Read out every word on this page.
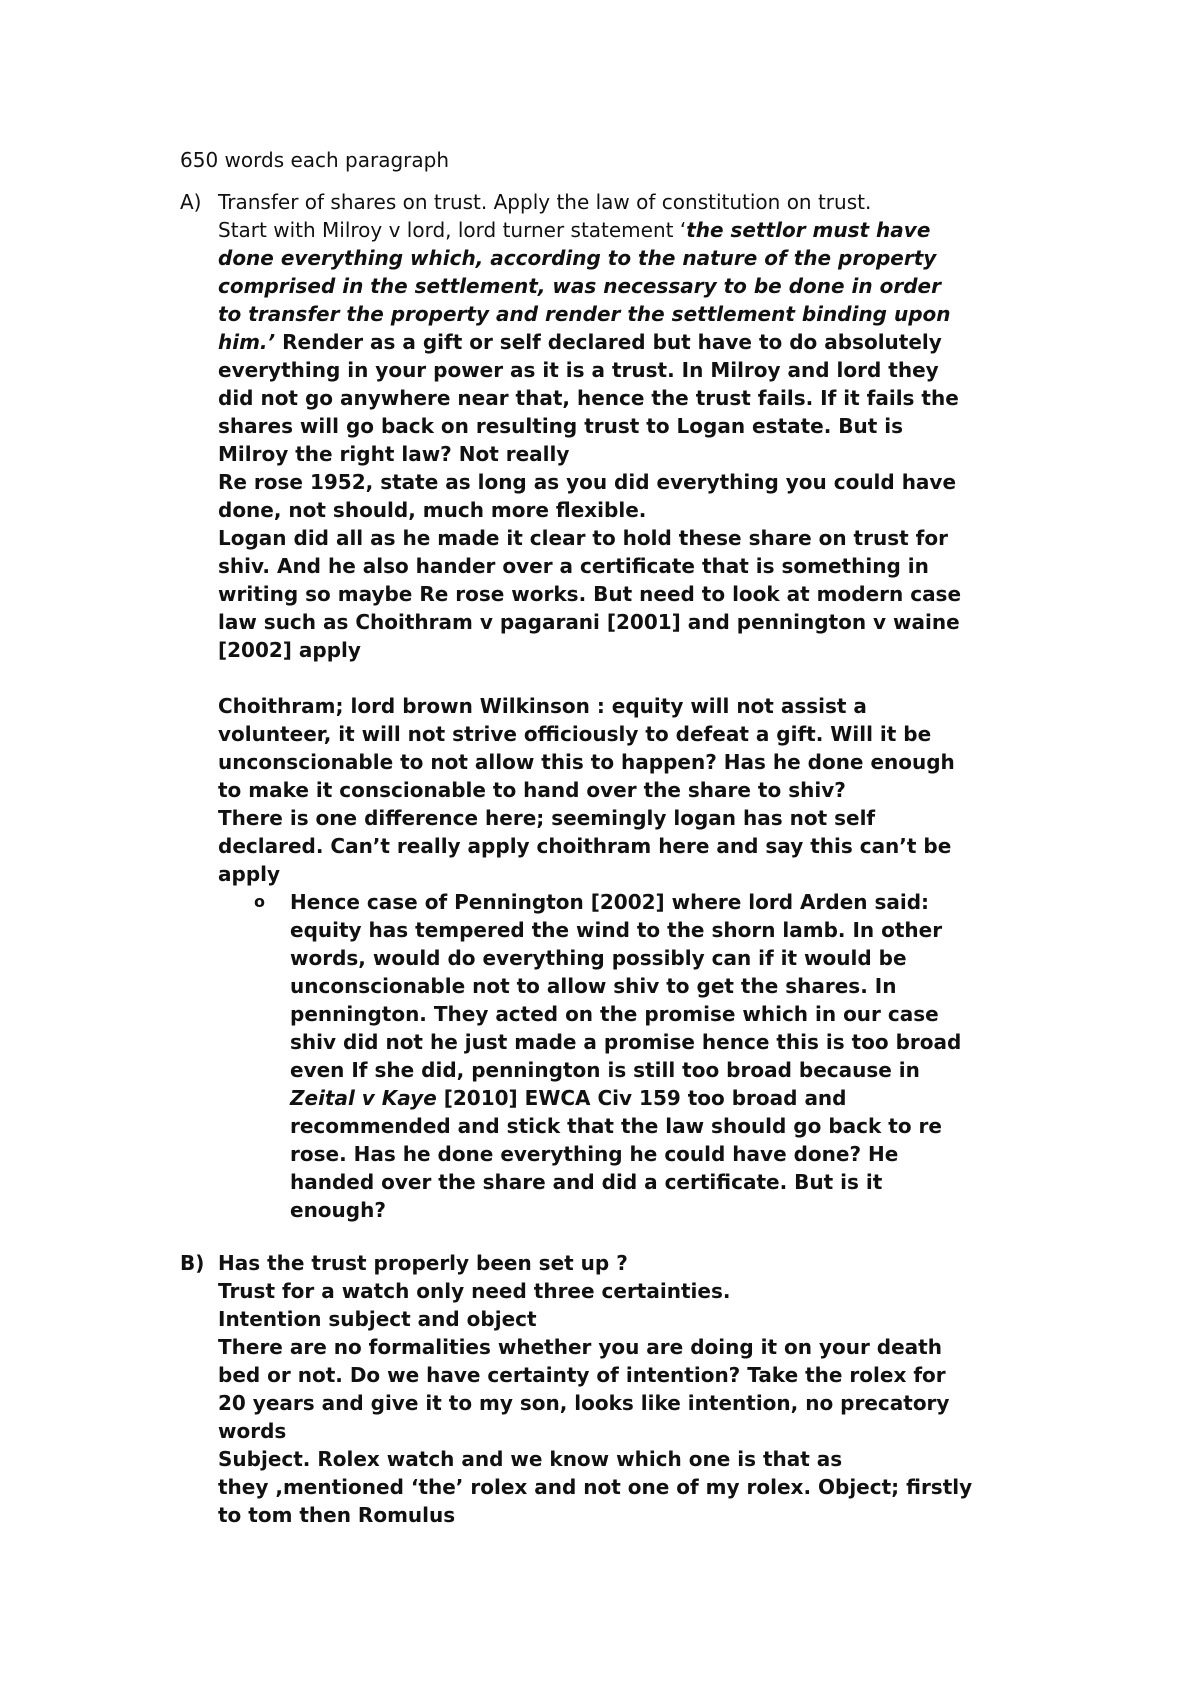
650 words each paragraph
A) Transfer of shares on trust. Apply the law of constitution on trust.
Start with Milroy v lord, lord turner statement ‘the settlor must have
done everything which, according to the nature of the property
comprised in the settlement, was necessary to be done in order
to transfer the property and render the settlement binding upon
him.’ Render as a gift or self declared but have to do absolutely
everything in your power as it is a trust. In Milroy and lord they
did not go anywhere near that, hence the trust fails. If it fails the
shares will go back on resulting trust to Logan estate. But is
Milroy the right law? Not really
Re rose 1952, state as long as you did everything you could have
done, not should, much more flexible.
Logan did all as he made it clear to hold these share on trust for
shiv. And he also hander over a certificate that is something in
writing so maybe Re rose works. But need to look at modern case
law such as Choithram v pagarani [2001] and pennington v waine
[2002] apply
Choithram; lord brown Wilkinson : equity will not assist a
volunteer, it will not strive officiously to defeat a gift. Will it be
unconscionable to not allow this to happen? Has he done enough
to make it conscionable to hand over the share to shiv?
There is one difference here; seemingly logan has not self
declared. Can’t really apply choithram here and say this can’t be
apply
o Hence case of Pennington [2002] where lord Arden said:
equity has tempered the wind to the shorn lamb. In other
words, would do everything possibly can if it would be
unconscionable not to allow shiv to get the shares. In
pennington. They acted on the promise which in our case
shiv did not he just made a promise hence this is too broad
even If she did, pennington is still too broad because in
Zeital v Kaye [2010] EWCA Civ 159 too broad and
recommended and stick that the law should go back to re
rose. Has he done everything he could have done? He
handed over the share and did a certificate. But is it
enough?
B) Has the trust properly been set up ?
Trust for a watch only need three certainties.
Intention subject and object
There are no formalities whether you are doing it on your death
bed or not. Do we have certainty of intention? Take the rolex for
20 years and give it to my son, looks like intention, no precatory
words
Subject. Rolex watch and we know which one is that as
they ,mentioned ‘the’ rolex and not one of my rolex. Object; firstly
to tom then Romulus
